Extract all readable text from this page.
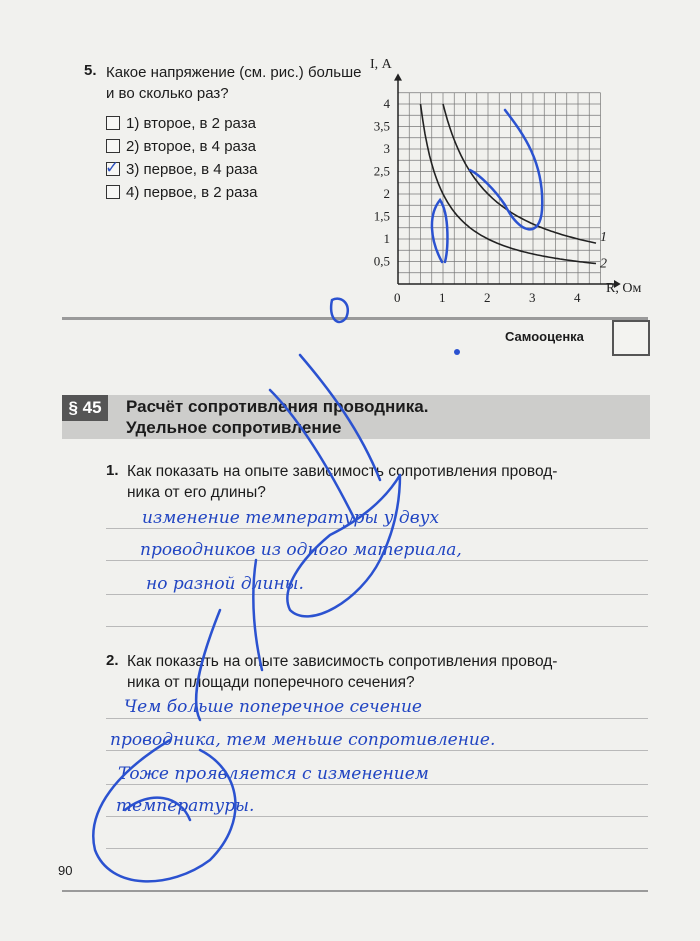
5. Какое напряжение (см. рис.) больше и во сколько раз?
1) второе, в 2 раза
2) второе, в 4 раза
✓ 3) первое, в 4 раза
4) первое, в 2 раза
0	1	2	3	4
0,5
1
1,5
2
2,5
3
3,5
4
1
2
I, А
R, Ом
Самооценка
§ 45	Расчёт сопротивления проводника.
Удельное сопротивление
1. Как показать на опыте зависимость сопротивления провод-
ника от его длины?
изменение температуры у двух
проводников из одного материала,
но разной длины.
2. Как показать на опыте зависимость сопротивления провод-
ника от площади поперечного сечения?
Чем больше поперечное сечение
проводника, тем меньше сопротивление.
Тоже проявляется с изменением
температуры.
90
